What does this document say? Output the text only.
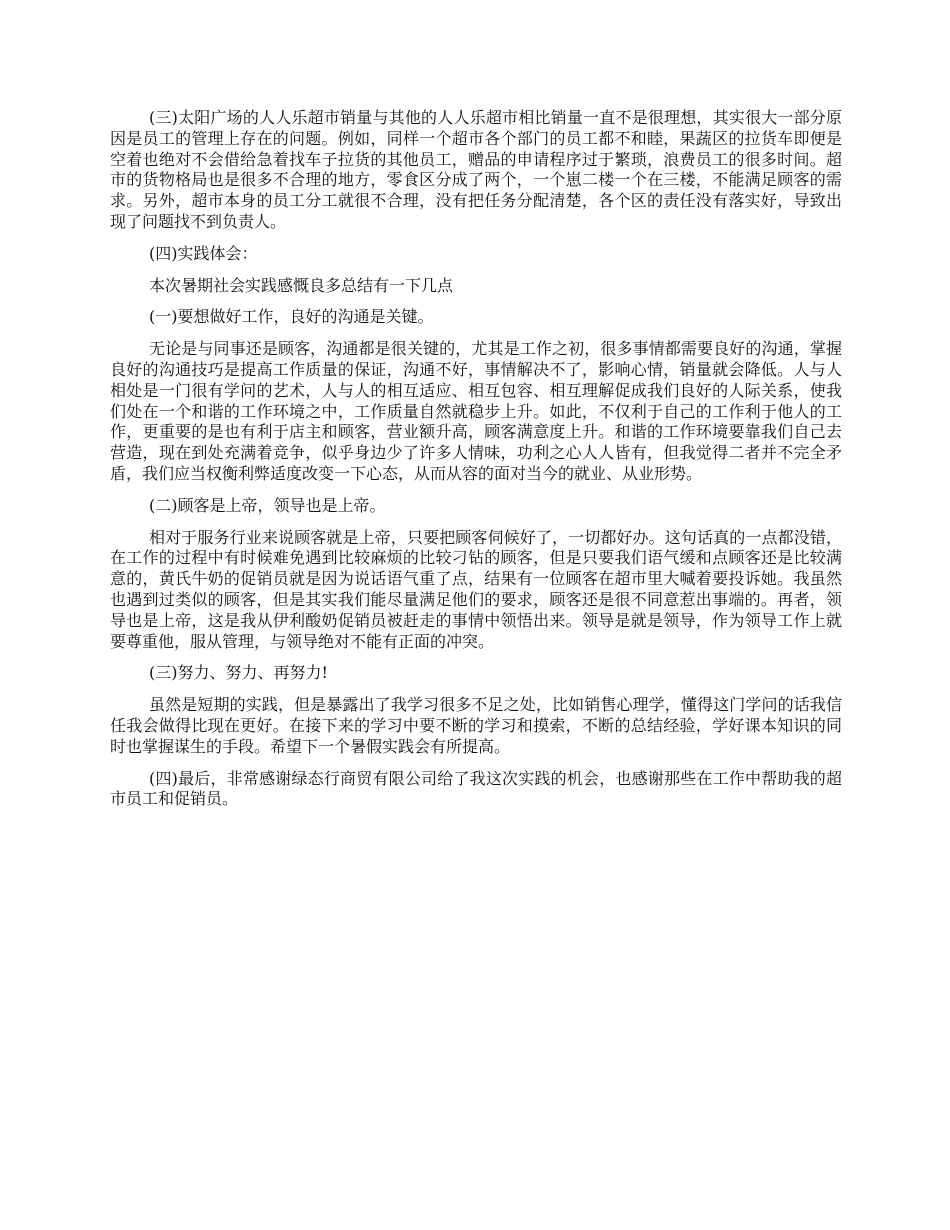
(三)太阳广场的人人乐超市销量与其他的人人乐超市相比销量一直不是很理想，其实很大一部分原因是员工的管理上存在的问题。例如，同样一个超市各个部门的员工都不和睦，果蔬区的拉货车即便是空着也绝对不会借给急着找车子拉货的其他员工，赠品的申请程序过于繁琐，浪费员工的很多时间。超市的货物格局也是很多不合理的地方，零食区分成了两个，一个崽二楼一个在三楼，不能满足顾客的需求。另外，超市本身的员工分工就很不合理，没有把任务分配清楚，各个区的责任没有落实好，导致出现了问题找不到负责人。

(四)实践体会：

本次暑期社会实践感慨良多总结有一下几点

(一)要想做好工作，良好的沟通是关键。

无论是与同事还是顾客，沟通都是很关键的，尤其是工作之初，很多事情都需要良好的沟通，掌握良好的沟通技巧是提高工作质量的保证，沟通不好，事情解决不了，影响心情，销量就会降低。人与人相处是一门很有学问的艺术，人与人的相互适应、相互包容、相互理解促成我们良好的人际关系，使我们处在一个和谐的工作环境之中，工作质量自然就稳步上升。如此，不仅利于自己的工作利于他人的工作，更重要的是也有利于店主和顾客，营业额升高，顾客满意度上升。和谐的工作环境要靠我们自己去营造，现在到处充满着竞争，似乎身边少了许多人情味，功利之心人人皆有，但我觉得二者并不完全矛盾，我们应当权衡利弊适度改变一下心态，从而从容的面对当今的就业、从业形势。

(二)顾客是上帝，领导也是上帝。

相对于服务行业来说顾客就是上帝，只要把顾客伺候好了，一切都好办。这句话真的一点都没错，在工作的过程中有时候难免遇到比较麻烦的比较刁钻的顾客，但是只要我们语气缓和点顾客还是比较满意的，黄氏牛奶的促销员就是因为说话语气重了点，结果有一位顾客在超市里大喊着要投诉她。我虽然也遇到过类似的顾客，但是其实我们能尽量满足他们的要求，顾客还是很不同意惹出事端的。再者，领导也是上帝，这是我从伊利酸奶促销员被赶走的事情中领悟出来。领导是就是领导，作为领导工作上就要尊重他，服从管理，与领导绝对不能有正面的冲突。

(三)努力、努力、再努力!

虽然是短期的实践，但是暴露出了我学习很多不足之处，比如销售心理学，懂得这门学问的话我信任我会做得比现在更好。在接下来的学习中要不断的学习和摸索，不断的总结经验，学好课本知识的同时也掌握谋生的手段。希望下一个暑假实践会有所提高。

(四)最后，非常感谢绿态行商贸有限公司给了我这次实践的机会，也感谢那些在工作中帮助我的超市员工和促销员。
